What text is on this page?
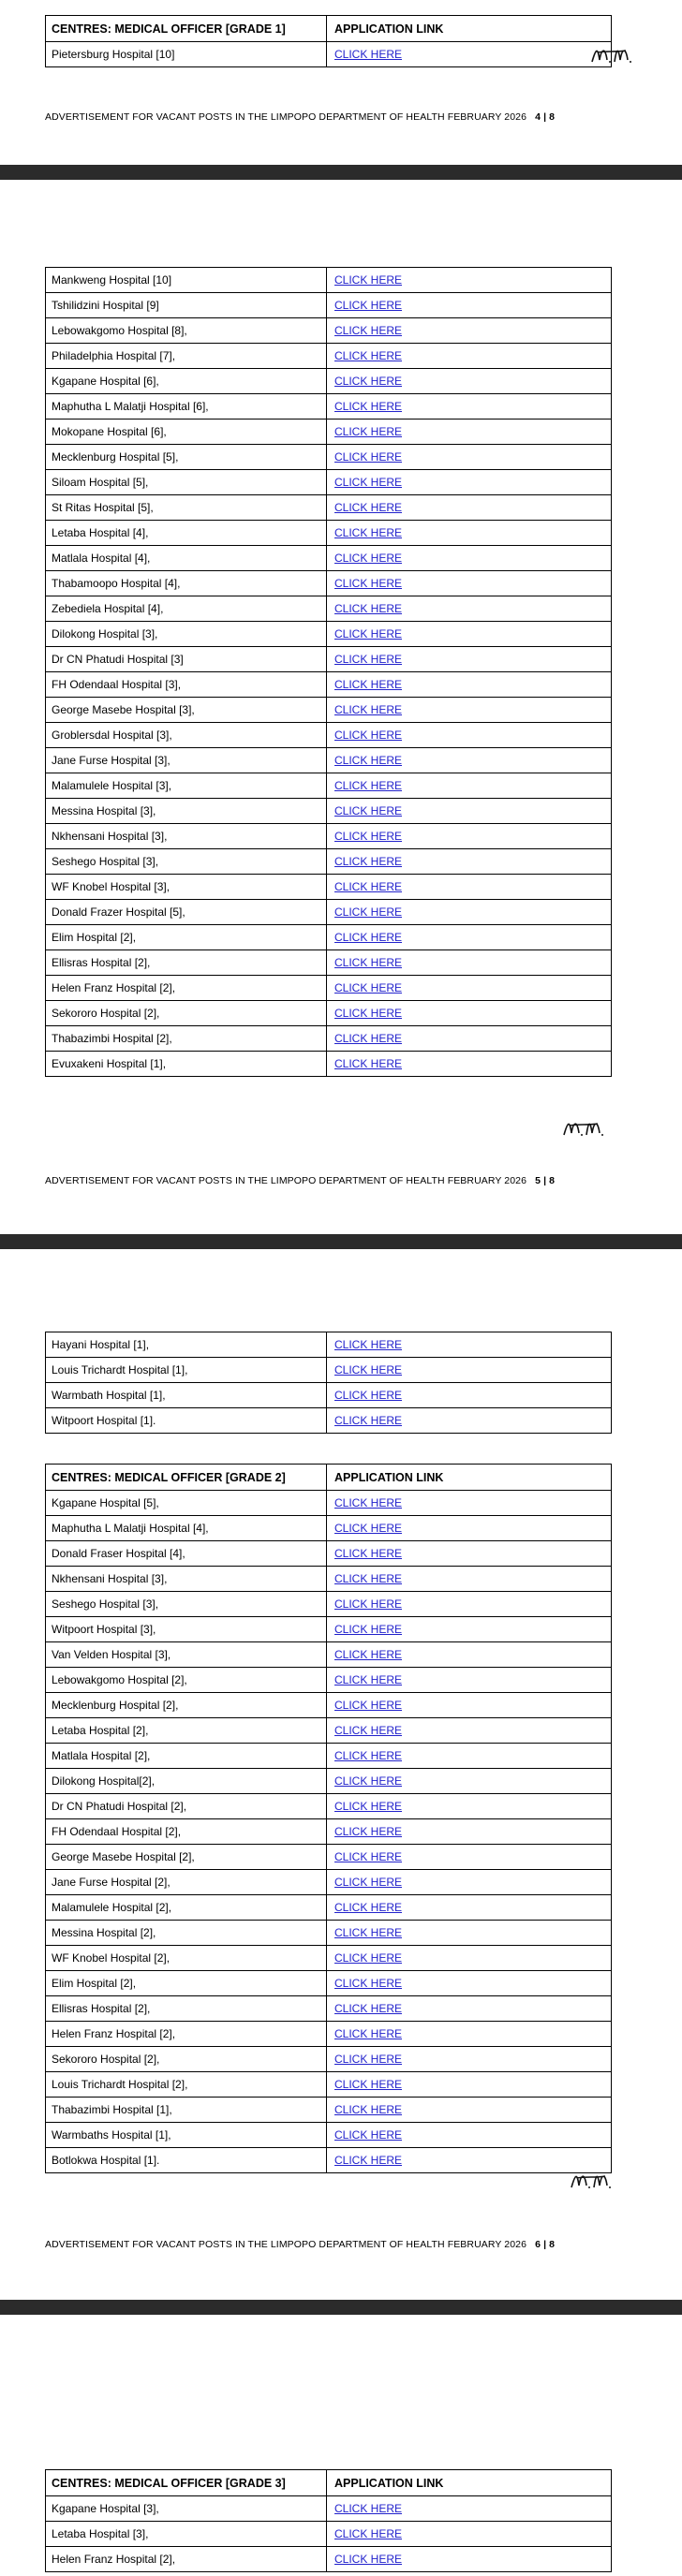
CENTRES: MEDICAL OFFICER [GRADE 1]	APPLICATION LINK
Pietersburg Hospital [10]	CLICK HERE
ADVERTISEMENT FOR VACANT POSTS IN THE LIMPOPO DEPARTMENT OF HEALTH FEBRUARY 2026 4 | 8
Mankweng Hospital [10]	CLICK HERE
Tshilidzini Hospital [9]	CLICK HERE
Lebowakgomo Hospital [8],	CLICK HERE
Philadelphia Hospital [7],	CLICK HERE
Kgapane Hospital [6],	CLICK HERE
Maphutha L Malatji Hospital [6],	CLICK HERE
Mokopane Hospital [6],	CLICK HERE
Mecklenburg Hospital [5],	CLICK HERE
Siloam Hospital [5],	CLICK HERE
St Ritas Hospital [5],	CLICK HERE
Letaba Hospital [4],	CLICK HERE
Matlala Hospital [4],	CLICK HERE
Thabamoopo Hospital [4],	CLICK HERE
Zebediela Hospital [4],	CLICK HERE
Dilokong Hospital [3],	CLICK HERE
Dr CN Phatudi Hospital [3]	CLICK HERE
FH Odendaal Hospital [3],	CLICK HERE
George Masebe Hospital [3],	CLICK HERE
Groblersdal Hospital [3],	CLICK HERE
Jane Furse Hospital [3],	CLICK HERE
Malamulele Hospital [3],	CLICK HERE
Messina Hospital [3],	CLICK HERE
Nkhensani Hospital [3],	CLICK HERE
Seshego Hospital [3],	CLICK HERE
WF Knobel Hospital [3],	CLICK HERE
Donald Frazer Hospital [5],	CLICK HERE
Elim Hospital [2],	CLICK HERE
Ellisras Hospital [2],	CLICK HERE
Helen Franz Hospital [2],	CLICK HERE
Sekororo Hospital [2],	CLICK HERE
Thabazimbi Hospital [2],	CLICK HERE
Evuxakeni Hospital [1],	CLICK HERE
ADVERTISEMENT FOR VACANT POSTS IN THE LIMPOPO DEPARTMENT OF HEALTH FEBRUARY 2026 5 | 8
Hayani Hospital [1],	CLICK HERE
Louis Trichardt Hospital [1],	CLICK HERE
Warmbath Hospital [1],	CLICK HERE
Witpoort Hospital [1].	CLICK HERE
CENTRES: MEDICAL OFFICER [GRADE 2]	APPLICATION LINK
Kgapane Hospital [5],	CLICK HERE
Maphutha L Malatji Hospital [4],	CLICK HERE
Donald Fraser Hospital [4],	CLICK HERE
Nkhensani Hospital [3],	CLICK HERE
Seshego Hospital [3],	CLICK HERE
Witpoort Hospital [3],	CLICK HERE
Van Velden Hospital [3],	CLICK HERE
Lebowakgomo Hospital [2],	CLICK HERE
Mecklenburg Hospital [2],	CLICK HERE
Letaba Hospital [2],	CLICK HERE
Matlala Hospital [2],	CLICK HERE
Dilokong Hospital[2],	CLICK HERE
Dr CN Phatudi Hospital [2],	CLICK HERE
FH Odendaal Hospital [2],	CLICK HERE
George Masebe Hospital [2],	CLICK HERE
Jane Furse Hospital [2],	CLICK HERE
Malamulele Hospital [2],	CLICK HERE
Messina Hospital [2],	CLICK HERE
WF Knobel Hospital [2],	CLICK HERE
Elim Hospital [2],	CLICK HERE
Ellisras Hospital [2],	CLICK HERE
Helen Franz Hospital [2],	CLICK HERE
Sekororo Hospital [2],	CLICK HERE
Louis Trichardt Hospital [2],	CLICK HERE
Thabazimbi Hospital [1],	CLICK HERE
Warmbaths Hospital [1],	CLICK HERE
Botlokwa Hospital [1].	CLICK HERE
ADVERTISEMENT FOR VACANT POSTS IN THE LIMPOPO DEPARTMENT OF HEALTH FEBRUARY 2026 6 | 8
CENTRES: MEDICAL OFFICER [GRADE 3]	APPLICATION LINK
Kgapane Hospital [3],	CLICK HERE
Letaba Hospital [3],	CLICK HERE
Helen Franz Hospital [2],	CLICK HERE
